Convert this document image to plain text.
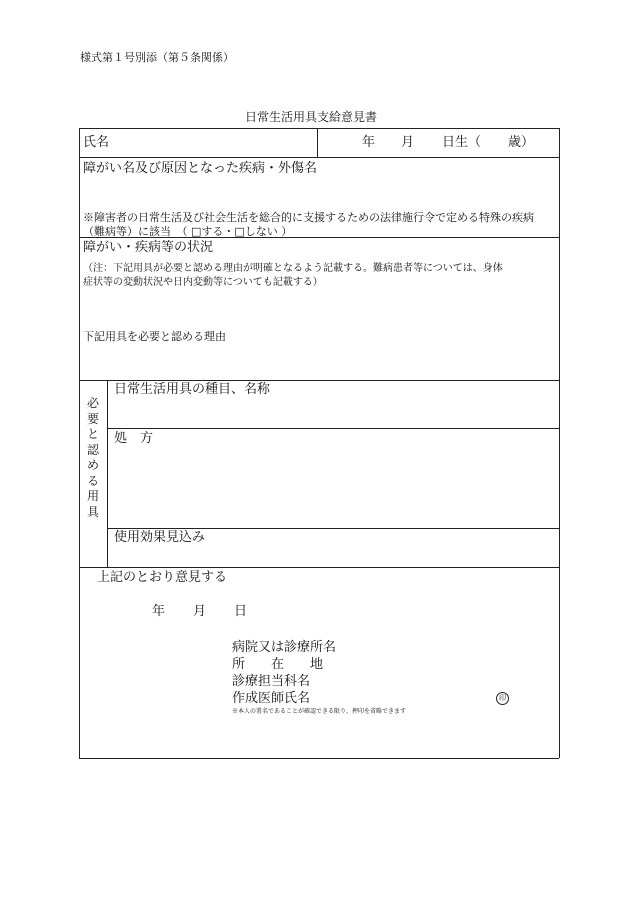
様式第１号別添（第５条関係）
日常生活用具支給意見書
氏名	年 月 日生（ 歳）
障がい名及び原因となった疾病・外傷名
※障害者の日常生活及び社会生活を総合的に支援するための法律施行令で定める特殊の疾病
（難病等）に該当　（ □する・□しない ）
障がい・疾病等の状況
（注：下記用具が必要と認める理由が明確となるよう記載する。難病患者等については、身体
症状等の変動状況や日内変動等についても記載する）
下記用具を必要と認める理由
必
要
と
認
め
る
用
具
日常生活用具の種目、名称
処　方
使用効果見込み
上記のとおり意見する
年 月 日
病院又は診療所名
所　　在　　地
診療担当科名
作成医師氏名	印
※本人の署名であることが確認できる限り、押印を省略できます
